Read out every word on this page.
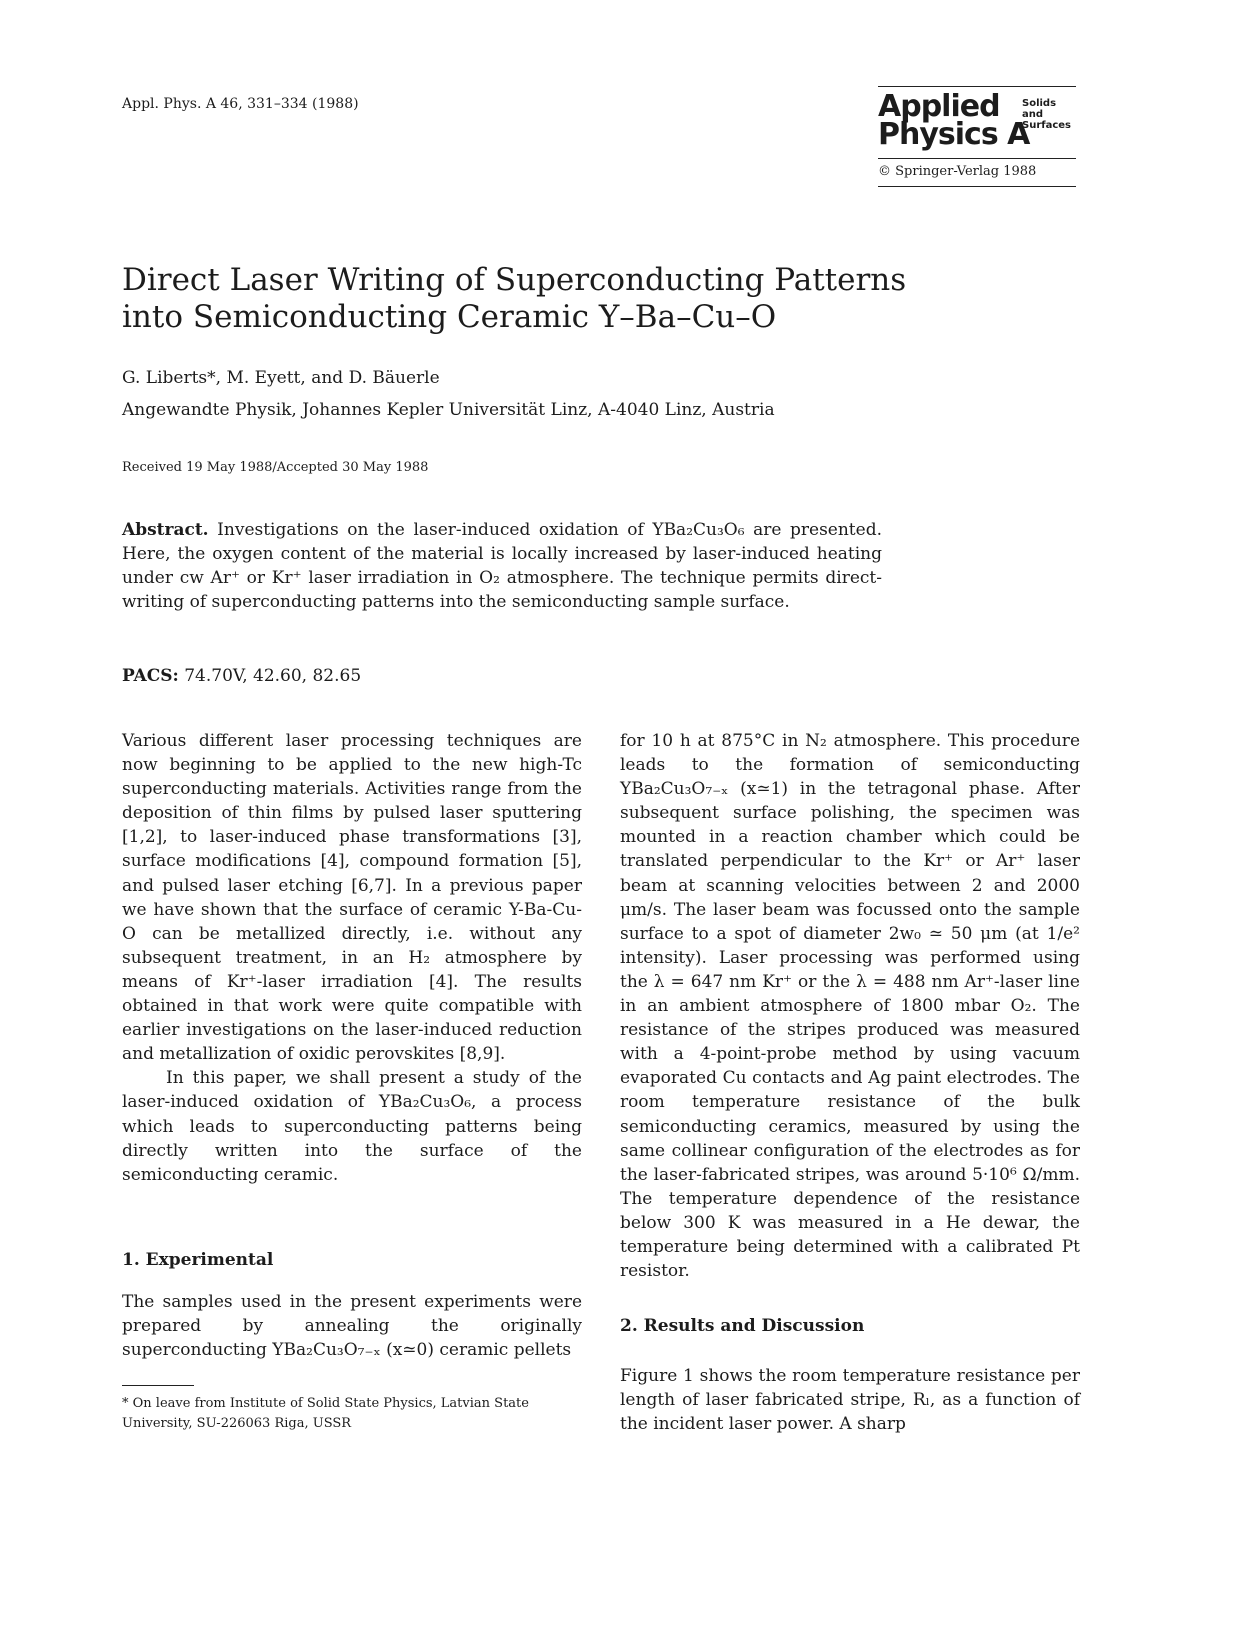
Appl. Phys. A 46, 331–334 (1988)	Applied
Physics A
Solids
and
Surfaces
© Springer-Verlag 1988
Direct Laser Writing of Superconducting Patterns
into Semiconducting Ceramic Y–Ba–Cu–O
G. Liberts*, M. Eyett, and D. Bäuerle
Angewandte Physik, Johannes Kepler Universität Linz, A-4040 Linz, Austria
Received 19 May 1988/Accepted 30 May 1988

Abstract. Investigations on the laser-induced oxidation of YBa₂Cu₃O₆ are presented. Here, the oxygen content of the material is locally increased by laser-induced heating under cw Ar⁺ or Kr⁺ laser irradiation in O₂ atmosphere. The technique permits direct-writing of superconducting patterns into the semiconducting sample surface.

PACS: 74.70V, 42.60, 82.65

Various different laser processing techniques are now beginning to be applied to the new high-Tc superconducting materials. Activities range from the deposition of thin films by pulsed laser sputtering [1,2], to laser-induced phase transformations [3], surface modifications [4], compound formation [5], and pulsed laser etching [6,7]. In a previous paper we have shown that the surface of ceramic Y-Ba-Cu-O can be metallized directly, i.e. without any subsequent treatment, in an H₂ atmosphere by means of Kr⁺-laser irradiation [4]. The results obtained in that work were quite compatible with earlier investigations on the laser-induced reduction and metallization of oxidic perovskites [8,9].

In this paper, we shall present a study of the laser-induced oxidation of YBa₂Cu₃O₆, a process which leads to superconducting patterns being directly written into the surface of the semiconducting ceramic.

1. Experimental

The samples used in the present experiments were prepared by annealing the originally superconducting YBa₂Cu₃O₇₋ₓ (x≃0) ceramic pellets

* On leave from Institute of Solid State Physics, Latvian State University, SU-226063 Riga, USSR

for 10 h at 875°C in N₂ atmosphere. This procedure leads to the formation of semiconducting YBa₂Cu₃O₇₋ₓ (x≃1) in the tetragonal phase. After subsequent surface polishing, the specimen was mounted in a reaction chamber which could be translated perpendicular to the Kr⁺ or Ar⁺ laser beam at scanning velocities between 2 and 2000 μm/s. The laser beam was focussed onto the sample surface to a spot of diameter 2w₀ ≃ 50 μm (at 1/e² intensity). Laser processing was performed using the λ = 647 nm Kr⁺ or the λ = 488 nm Ar⁺-laser line in an ambient atmosphere of 1800 mbar O₂. The resistance of the stripes produced was measured with a 4-point-probe method by using vacuum evaporated Cu contacts and Ag paint electrodes. The room temperature resistance of the bulk semiconducting ceramics, measured by using the same collinear configuration of the electrodes as for the laser-fabricated stripes, was around 5·10⁶ Ω/mm. The temperature dependence of the resistance below 300 K was measured in a He dewar, the temperature being determined with a calibrated Pt resistor.

2. Results and Discussion

Figure 1 shows the room temperature resistance per length of laser fabricated stripe, Rₗ, as a function of the incident laser power. A sharp
